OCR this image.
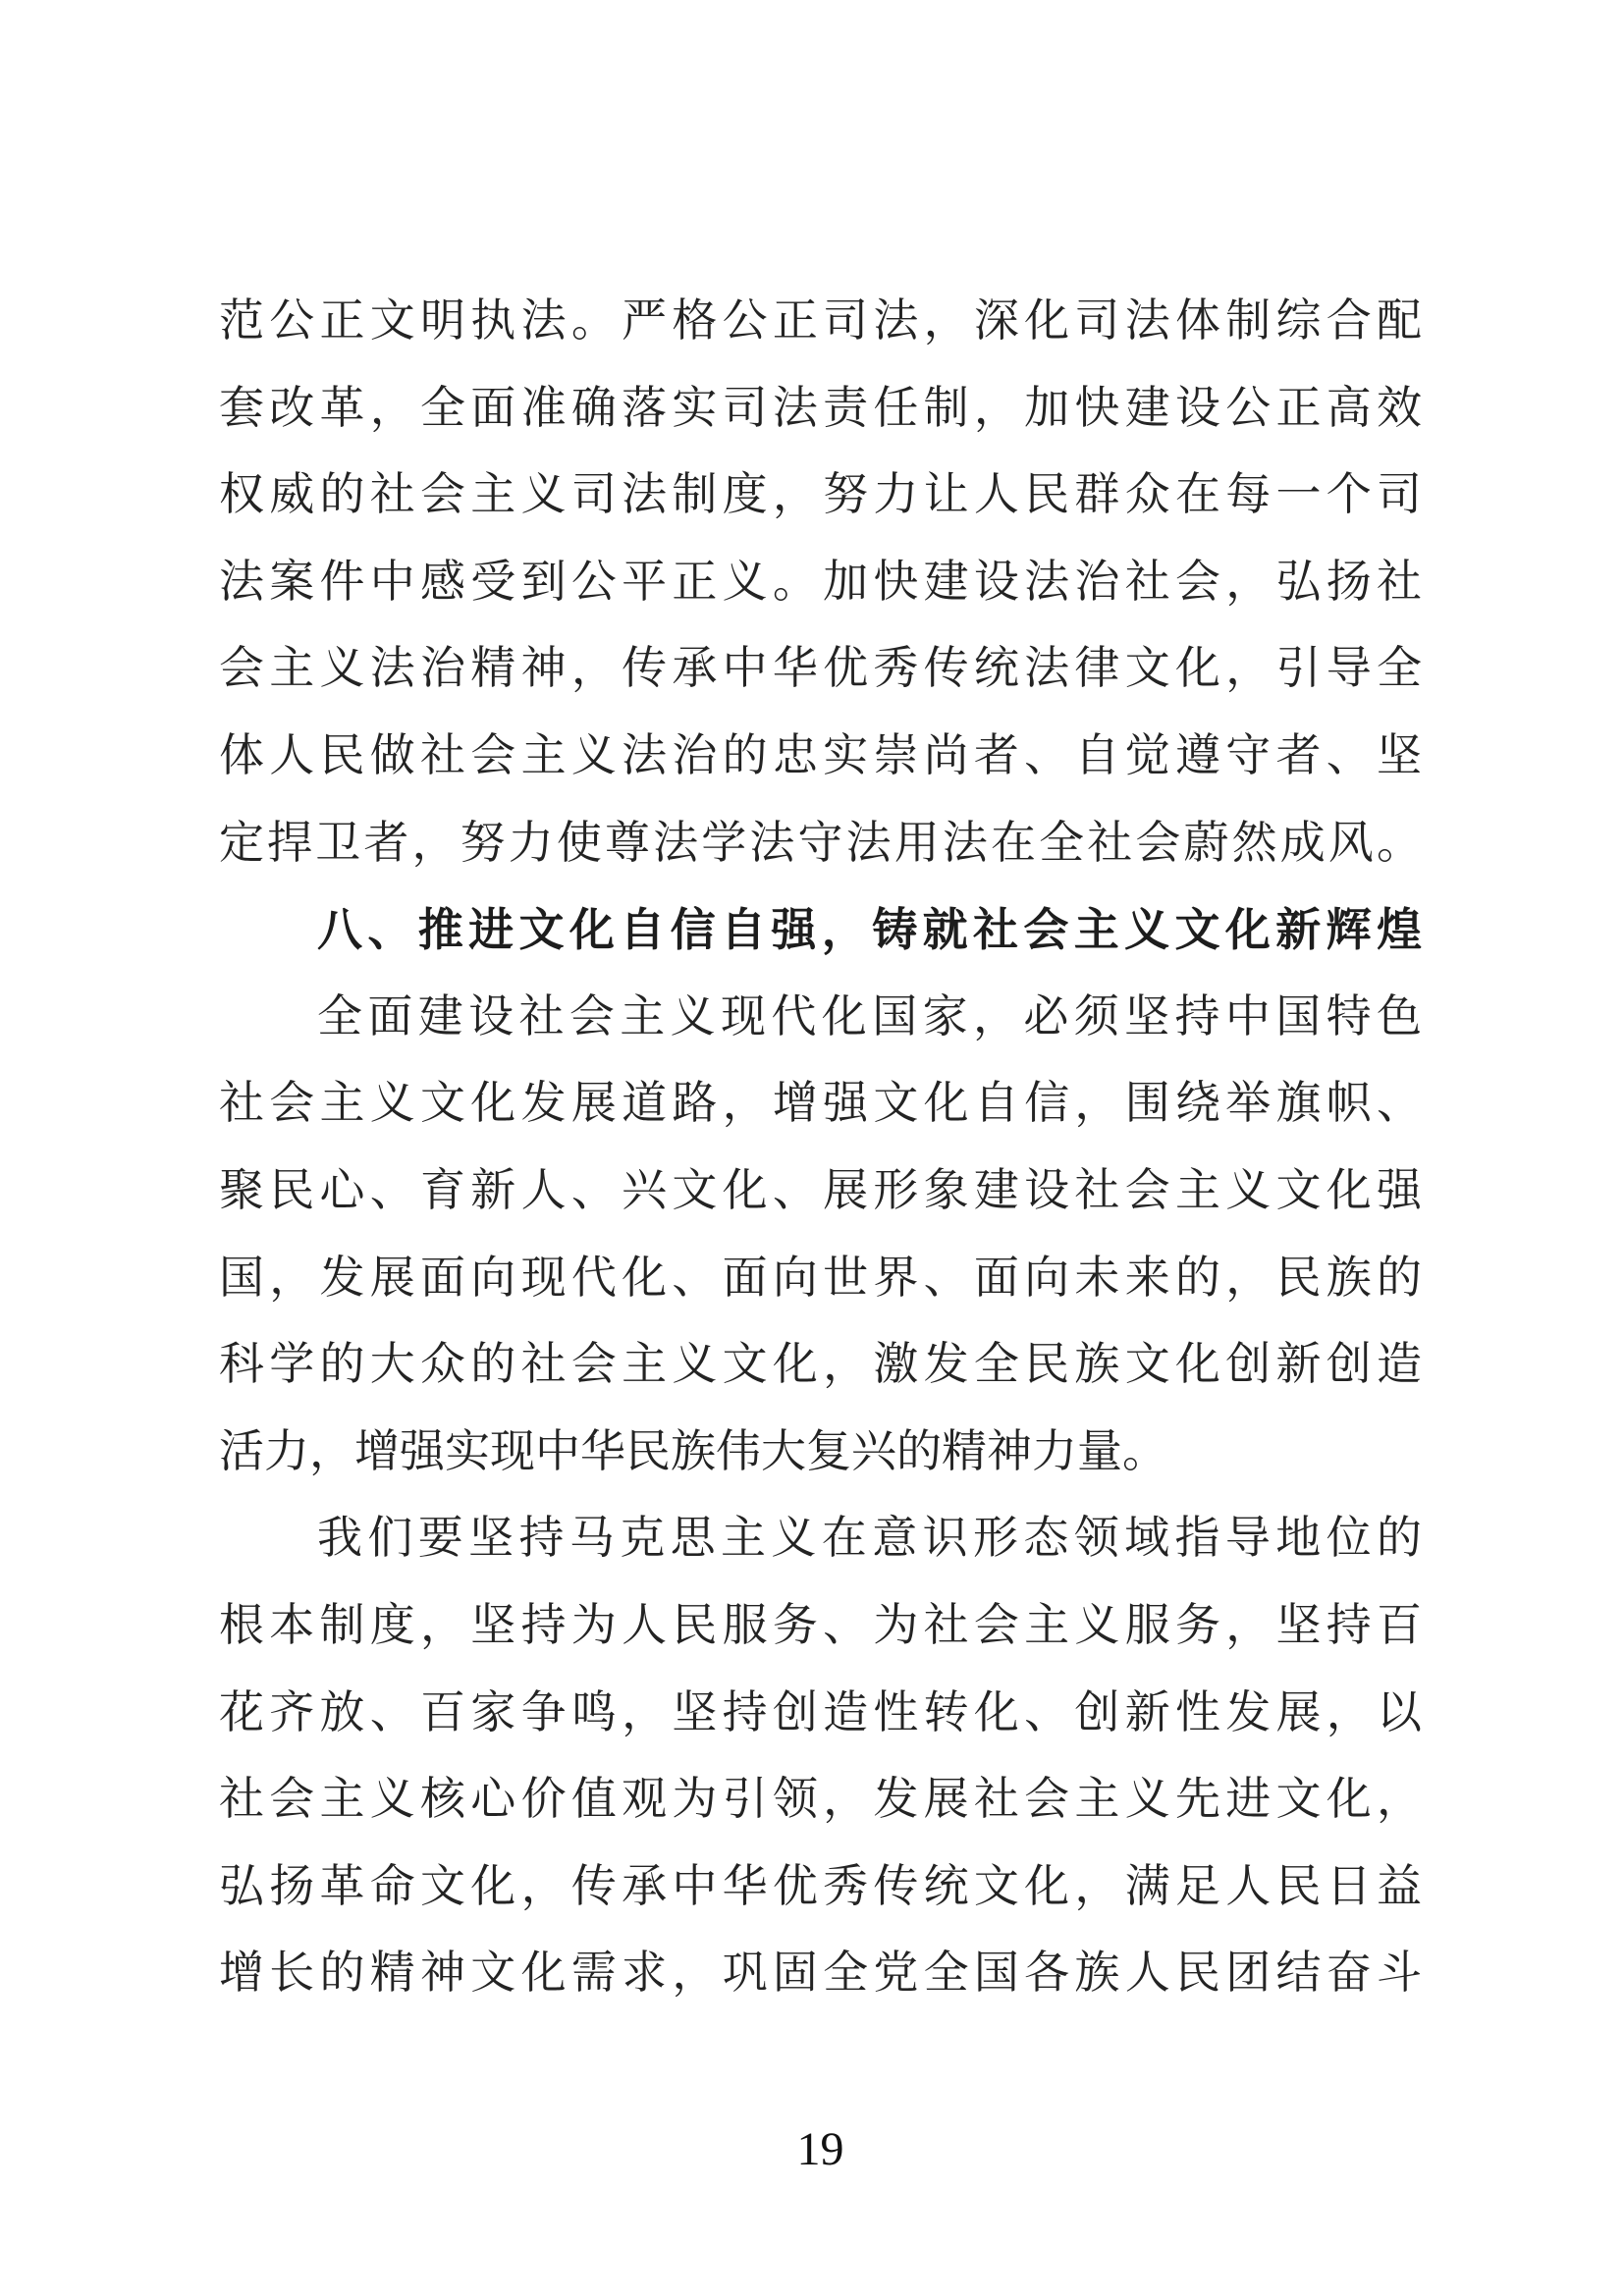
范公正文明执法。严格公正司法，深化司法体制综合配
套改革，全面准确落实司法责任制，加快建设公正高效
权威的社会主义司法制度，努力让人民群众在每一个司
法案件中感受到公平正义。加快建设法治社会，弘扬社
会主义法治精神，传承中华优秀传统法律文化，引导全
体人民做社会主义法治的忠实崇尚者、自觉遵守者、坚
定捍卫者，努力使尊法学法守法用法在全社会蔚然成风。
八、推进文化自信自强，铸就社会主义文化新辉煌
全面建设社会主义现代化国家，必须坚持中国特色
社会主义文化发展道路，增强文化自信，围绕举旗帜、
聚民心、育新人、兴文化、展形象建设社会主义文化强
国，发展面向现代化、面向世界、面向未来的，民族的
科学的大众的社会主义文化，激发全民族文化创新创造
活力，增强实现中华民族伟大复兴的精神力量。
我们要坚持马克思主义在意识形态领域指导地位的
根本制度，坚持为人民服务、为社会主义服务，坚持百
花齐放、百家争鸣，坚持创造性转化、创新性发展，以
社会主义核心价值观为引领，发展社会主义先进文化，
弘扬革命文化，传承中华优秀传统文化，满足人民日益
增长的精神文化需求，巩固全党全国各族人民团结奋斗
19
